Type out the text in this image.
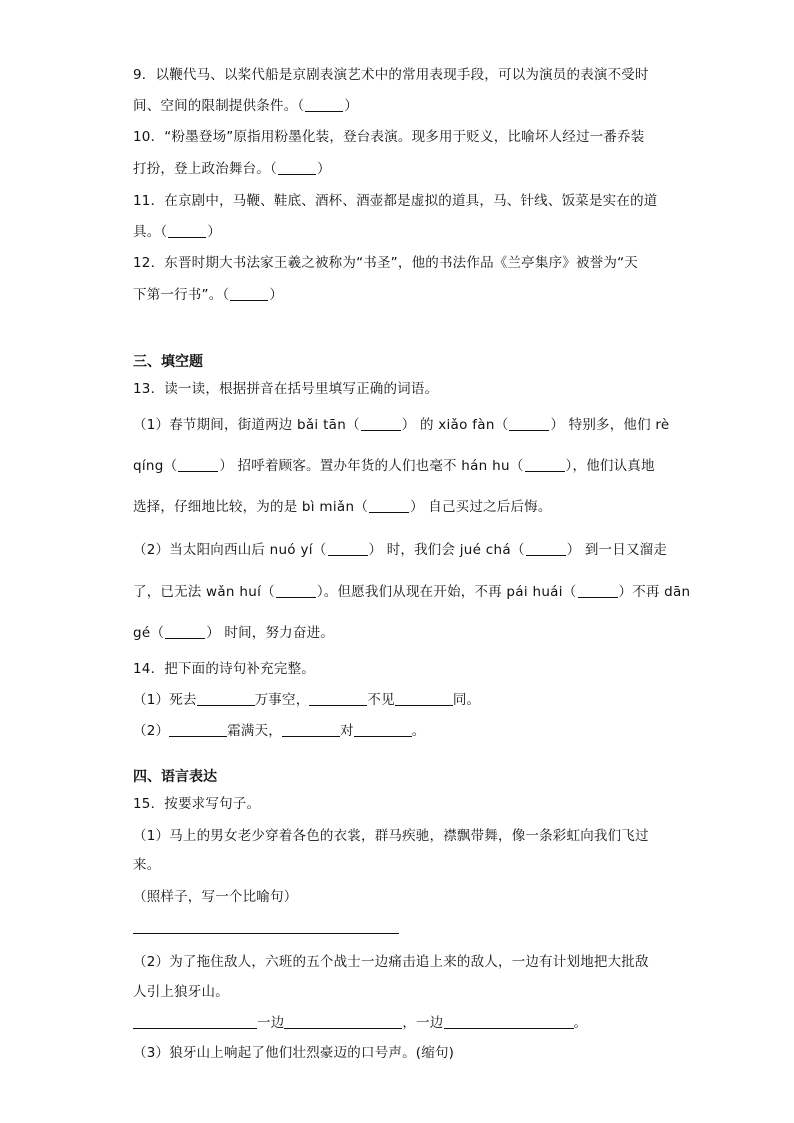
9．以鞭代马、以桨代船是京剧表演艺术中的常用表现手段，可以为演员的表演不受时
间、空间的限制提供条件。（	）
10．“粉墨登场”原指用粉墨化装，登台表演。现多用于贬义，比喻坏人经过一番乔装
打扮，登上政治舞台。（	）
11．在京剧中，马鞭、鞋底、酒杯、酒壶都是虚拟的道具，马、针线、饭菜是实在的道
具。（	）
12．东晋时期大书法家王羲之被称为“书圣”，他的书法作品《兰亭集序》被誉为“天
下第一行书”。（	）
三、填空题
13．读一读，根据拼音在括号里填写正确的词语。
（1）春节期间，街道两边 bǎi tān（	） 的 xiǎo fàn（	） 特别多，他们 rè
qíng（	） 招呼着顾客。置办年货的人们也毫不 hán hu（	），他们认真地
选择，仔细地比较，为的是 bì miǎn（	） 自己买过之后后悔。
（2）当太阳向西山后 nuó yí（	） 时，我们会 jué chá（	） 到一日又溜走
了，已无法 wǎn huí（	）。但愿我们从现在开始，不再 pái huái（	）不再 dān
gé（	） 时间，努力奋进。
14．把下面的诗句补充完整。
（1）死去	万事空，	不见	同。
（2）	霜满天，	对	。
四、语言表达
15．按要求写句子。
（1）马上的男女老少穿着各色的衣裳，群马疾驰，襟飘带舞，像一条彩虹向我们飞过
来。
（照样子，写一个比喻句）
（2）为了拖住敌人，六班的五个战士一边痛击追上来的敌人，一边有计划地把大批敌
人引上狼牙山。
一边	，一边	。
（3）狼牙山上响起了他们壮烈豪迈的口号声。(缩句)
